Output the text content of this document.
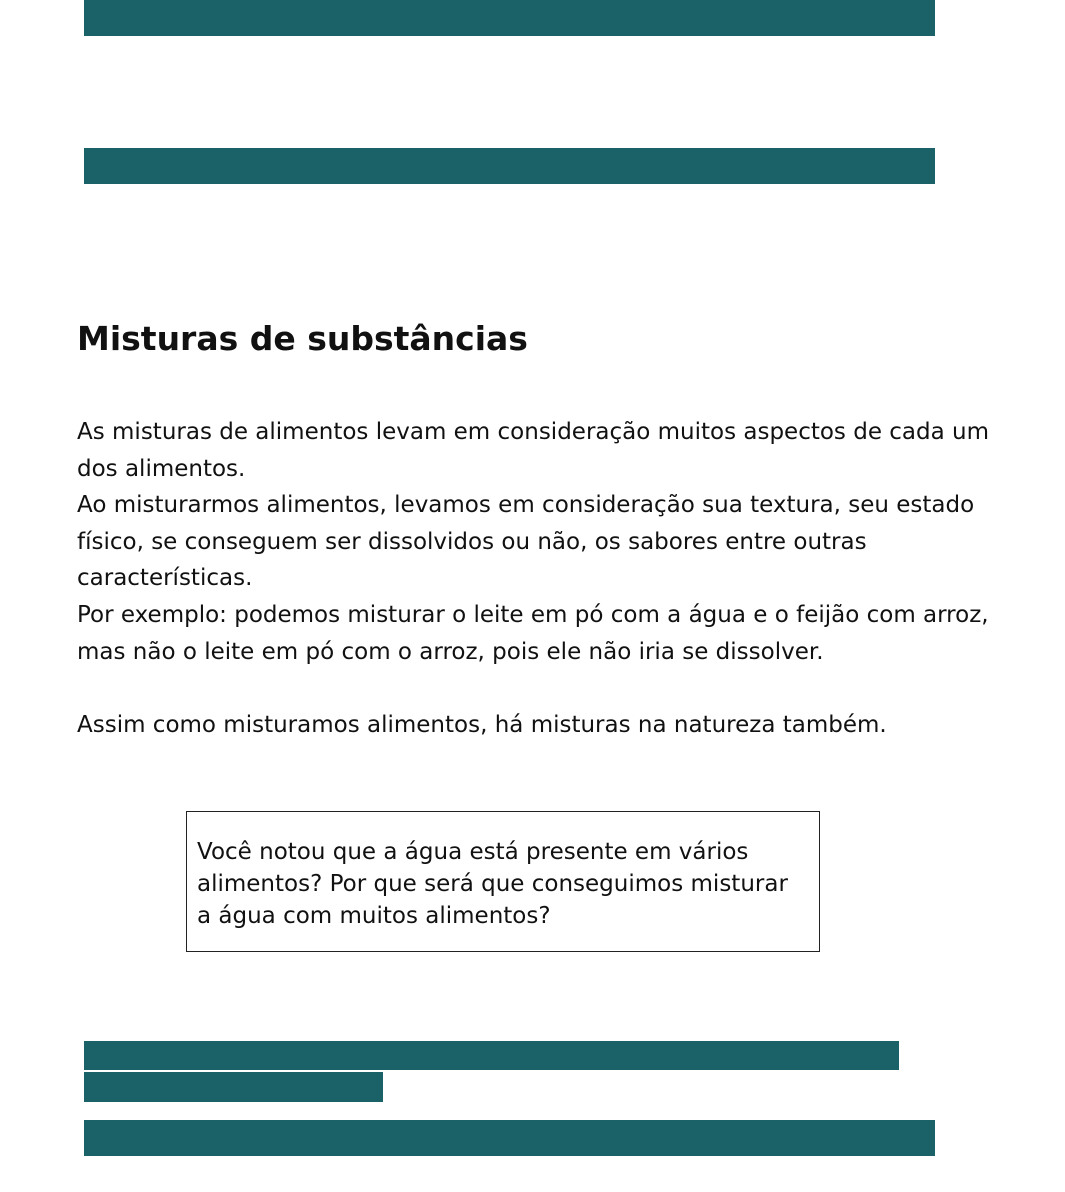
Misturas de substâncias

As misturas de alimentos levam em consideração muitos aspectos de cada um dos alimentos.

Ao misturarmos alimentos, levamos em consideração sua textura, seu estado físico, se conseguem ser dissolvidos ou não, os sabores entre outras características.

Por exemplo: podemos misturar o leite em pó com a água e o feijão com arroz, mas não o leite em pó com o arroz, pois ele não iria se dissolver.

Assim como misturamos alimentos, há misturas na natureza também.

Você notou que a água está presente em vários alimentos? Por que será que conseguimos misturar a água com muitos alimentos?
